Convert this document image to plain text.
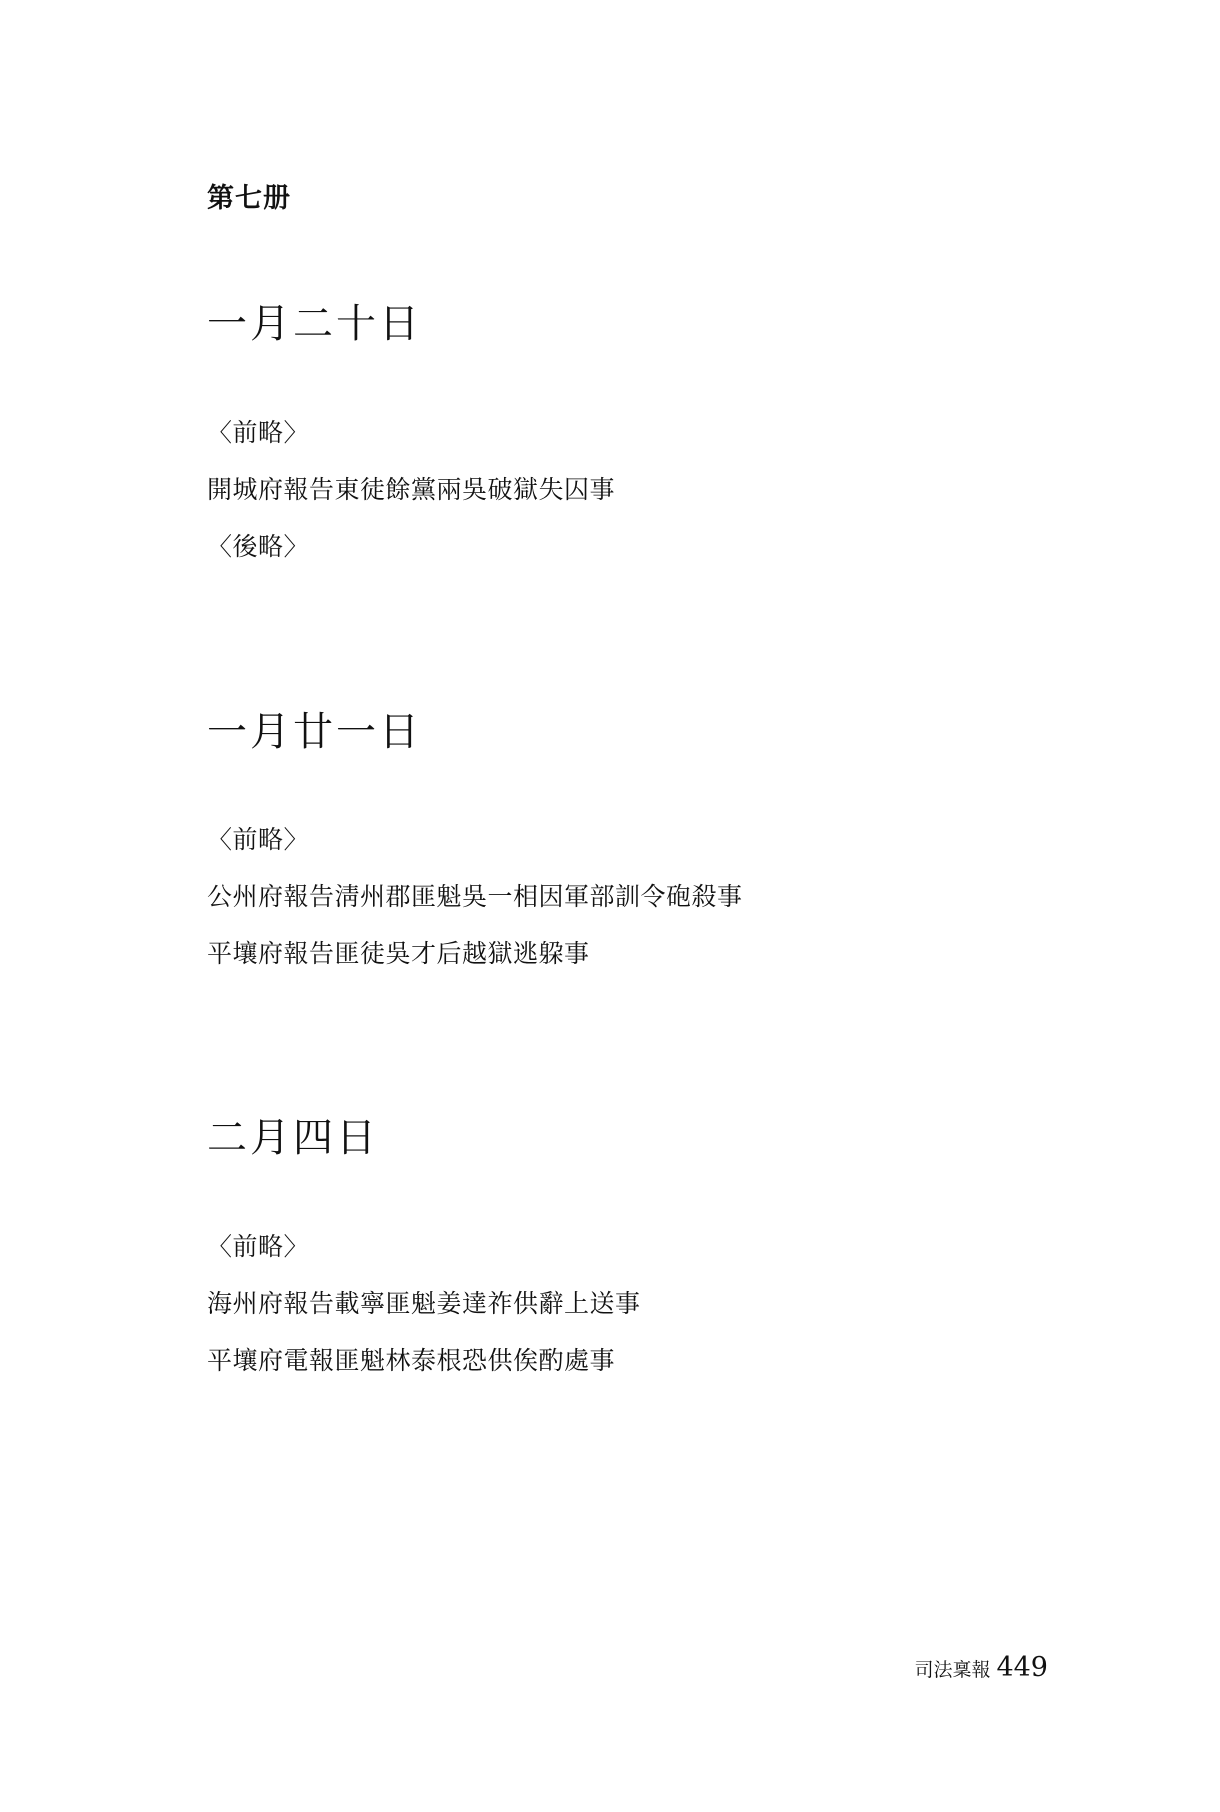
第七册
一月二十日

〈前略〉

開城府報告東徒餘黨兩吳破獄失囚事

〈後略〉

一月廿一日

〈前略〉

公州府報告淸州郡匪魁吳一相因軍部訓令砲殺事

平壤府報告匪徒吳才后越獄逃躱事

二月四日

〈前略〉

海州府報告載寧匪魁姜達祚供辭上送事

平壤府電報匪魁林泰根恐供俟酌處事

司法稟報 449
